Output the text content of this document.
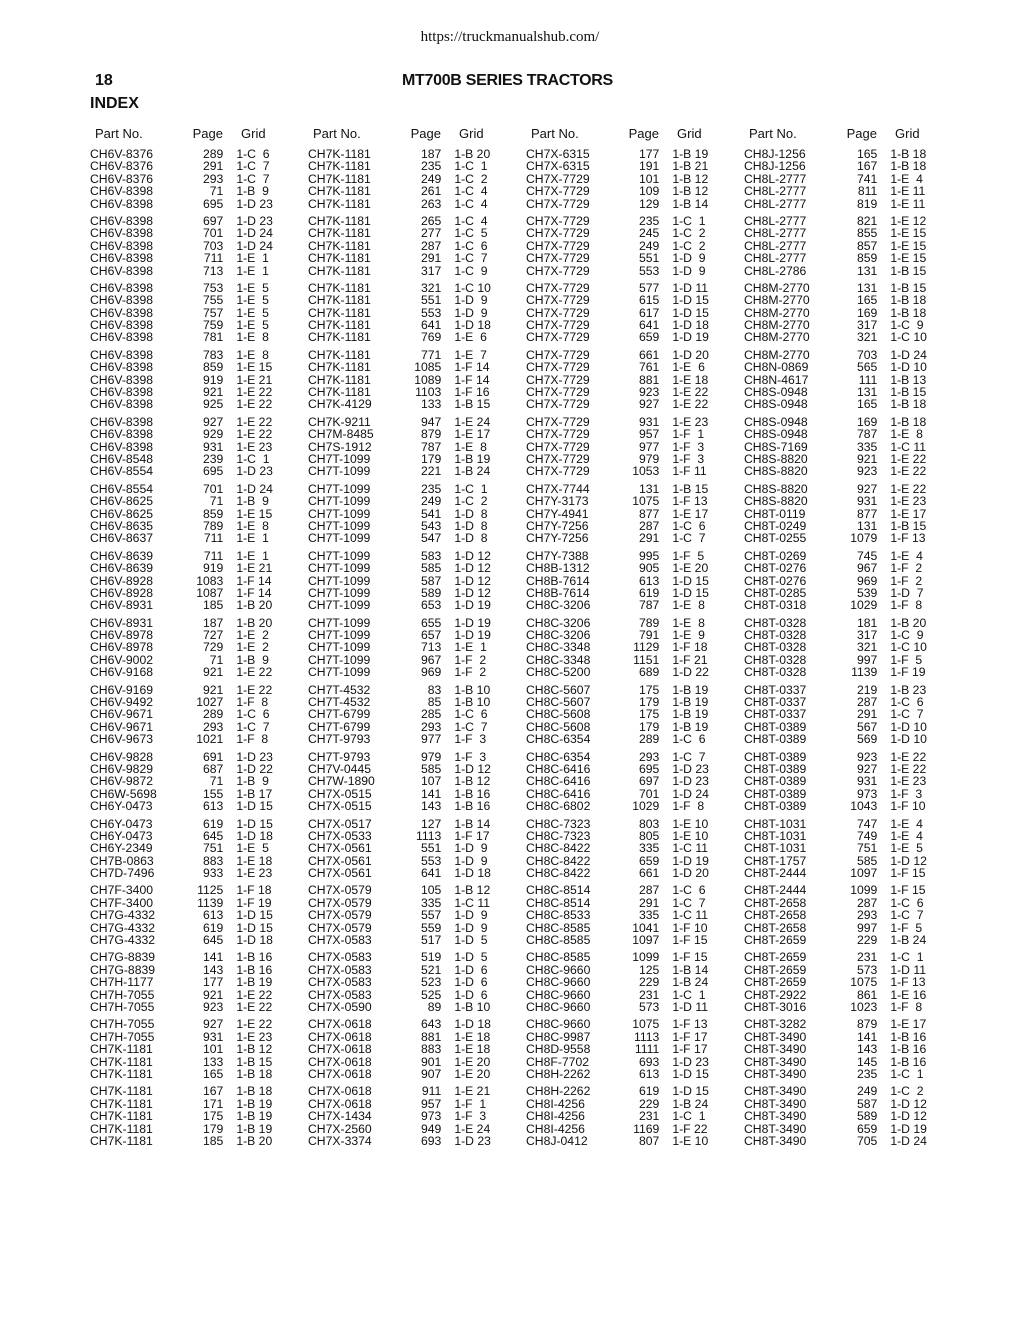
https://truckmanualshub.com/
18	MT700B SERIES TRACTORS
INDEX
Part No.	Page Grid
CH6V-8376	289	1-C  6
CH6V-8376	291	1-C  7
CH6V-8376	293	1-C  7
CH6V-8398	71	1-B  9
CH6V-8398	695	1-D 23
CH6V-8398	697	1-D 23
CH6V-8398	701	1-D 24
CH6V-8398	703	1-D 24
CH6V-8398	711	1-E  1
CH6V-8398	713	1-E  1
CH6V-8398	753	1-E  5
CH6V-8398	755	1-E  5
CH6V-8398	757	1-E  5
CH6V-8398	759	1-E  5
CH6V-8398	781	1-E  8
CH6V-8398	783	1-E  8
CH6V-8398	859	1-E 15
CH6V-8398	919	1-E 21
CH6V-8398	921	1-E 22
CH6V-8398	925	1-E 22
CH6V-8398	927	1-E 22
CH6V-8398	929	1-E 22
CH6V-8398	931	1-E 23
CH6V-8548	239	1-C  1
CH6V-8554	695	1-D 23
CH6V-8554	701	1-D 24
CH6V-8625	71	1-B  9
CH6V-8625	859	1-E 15
CH6V-8635	789	1-E  8
CH6V-8637	711	1-E  1
CH6V-8639	711	1-E  1
CH6V-8639	919	1-E 21
CH6V-8928	1083	1-F 14
CH6V-8928	1087	1-F 14
CH6V-8931	185	1-B 20
CH6V-8931	187	1-B 20
CH6V-8978	727	1-E  2
CH6V-8978	729	1-E  2
CH6V-9002	71	1-B  9
CH6V-9168	921	1-E 22
CH6V-9169	921	1-E 22
CH6V-9492	1027	1-F  8
CH6V-9671	289	1-C  6
CH6V-9671	293	1-C  7
CH6V-9673	1021	1-F  8
CH6V-9828	691	1-D 23
CH6V-9829	687	1-D 22
CH6V-9872	71	1-B  9
CH6W-5698	155	1-B 17
CH6Y-0473	613	1-D 15
CH6Y-0473	619	1-D 15
CH6Y-0473	645	1-D 18
CH6Y-2349	751	1-E  5
CH7B-0863	883	1-E 18
CH7D-7496	933	1-E 23
CH7F-3400	1125	1-F 18
CH7F-3400	1139	1-F 19
CH7G-4332	613	1-D 15
CH7G-4332	619	1-D 15
CH7G-4332	645	1-D 18
CH7G-8839	141	1-B 16
CH7G-8839	143	1-B 16
CH7H-1177	177	1-B 19
CH7H-7055	921	1-E 22
CH7H-7055	923	1-E 22
CH7H-7055	927	1-E 22
CH7H-7055	931	1-E 23
CH7K-1181	101	1-B 12
CH7K-1181	133	1-B 15
CH7K-1181	165	1-B 18
CH7K-1181	167	1-B 18
CH7K-1181	171	1-B 19
CH7K-1181	175	1-B 19
CH7K-1181	179	1-B 19
CH7K-1181	185	1-B 20
Part No.	Page Grid
CH7K-1181	187	1-B 20
CH7K-1181	235	1-C  1
CH7K-1181	249	1-C  2
CH7K-1181	261	1-C  4
CH7K-1181	263	1-C  4
CH7K-1181	265	1-C  4
CH7K-1181	277	1-C  5
CH7K-1181	287	1-C  6
CH7K-1181	291	1-C  7
CH7K-1181	317	1-C  9
CH7K-1181	321	1-C 10
CH7K-1181	551	1-D  9
CH7K-1181	553	1-D  9
CH7K-1181	641	1-D 18
CH7K-1181	769	1-E  6
CH7K-1181	771	1-E  7
CH7K-1181	1085	1-F 14
CH7K-1181	1089	1-F 14
CH7K-1181	1103	1-F 16
CH7K-4129	133	1-B 15
CH7K-9211	947	1-E 24
CH7M-8485	879	1-E 17
CH7S-1912	787	1-E  8
CH7T-1099	179	1-B 19
CH7T-1099	221	1-B 24
CH7T-1099	235	1-C  1
CH7T-1099	249	1-C  2
CH7T-1099	541	1-D  8
CH7T-1099	543	1-D  8
CH7T-1099	547	1-D  8
CH7T-1099	583	1-D 12
CH7T-1099	585	1-D 12
CH7T-1099	587	1-D 12
CH7T-1099	589	1-D 12
CH7T-1099	653	1-D 19
CH7T-1099	655	1-D 19
CH7T-1099	657	1-D 19
CH7T-1099	713	1-E  1
CH7T-1099	967	1-F  2
CH7T-1099	969	1-F  2
CH7T-4532	83	1-B 10
CH7T-4532	85	1-B 10
CH7T-6799	285	1-C  6
CH7T-6799	293	1-C  7
CH7T-9793	977	1-F  3
CH7T-9793	979	1-F  3
CH7V-0445	585	1-D 12
CH7W-1890	107	1-B 12
CH7X-0515	141	1-B 16
CH7X-0515	143	1-B 16
CH7X-0517	127	1-B 14
CH7X-0533	1113	1-F 17
CH7X-0561	551	1-D  9
CH7X-0561	553	1-D  9
CH7X-0561	641	1-D 18
CH7X-0579	105	1-B 12
CH7X-0579	335	1-C 11
CH7X-0579	557	1-D  9
CH7X-0579	559	1-D  9
CH7X-0583	517	1-D  5
CH7X-0583	519	1-D  5
CH7X-0583	521	1-D  6
CH7X-0583	523	1-D  6
CH7X-0583	525	1-D  6
CH7X-0590	89	1-B 10
CH7X-0618	643	1-D 18
CH7X-0618	881	1-E 18
CH7X-0618	883	1-E 18
CH7X-0618	901	1-E 20
CH7X-0618	907	1-E 20
CH7X-0618	911	1-E 21
CH7X-0618	957	1-F  1
CH7X-1434	973	1-F  3
CH7X-2560	949	1-E 24
CH7X-3374	693	1-D 23
Part No.	Page Grid
CH7X-6315	177	1-B 19
CH7X-6315	191	1-B 21
CH7X-7729	101	1-B 12
CH7X-7729	109	1-B 12
CH7X-7729	129	1-B 14
CH7X-7729	235	1-C  1
CH7X-7729	245	1-C  2
CH7X-7729	249	1-C  2
CH7X-7729	551	1-D  9
CH7X-7729	553	1-D  9
CH7X-7729	577	1-D 11
CH7X-7729	615	1-D 15
CH7X-7729	617	1-D 15
CH7X-7729	641	1-D 18
CH7X-7729	659	1-D 19
CH7X-7729	661	1-D 20
CH7X-7729	761	1-E  6
CH7X-7729	881	1-E 18
CH7X-7729	923	1-E 22
CH7X-7729	927	1-E 22
CH7X-7729	931	1-E 23
CH7X-7729	957	1-F  1
CH7X-7729	977	1-F  3
CH7X-7729	979	1-F  3
CH7X-7729	1053	1-F 11
CH7X-7744	131	1-B 15
CH7Y-3173	1075	1-F 13
CH7Y-4941	877	1-E 17
CH7Y-7256	287	1-C  6
CH7Y-7256	291	1-C  7
CH7Y-7388	995	1-F  5
CH8B-1312	905	1-E 20
CH8B-7614	613	1-D 15
CH8B-7614	619	1-D 15
CH8C-3206	787	1-E  8
CH8C-3206	789	1-E  8
CH8C-3206	791	1-E  9
CH8C-3348	1129	1-F 18
CH8C-3348	1151	1-F 21
CH8C-5200	689	1-D 22
CH8C-5607	175	1-B 19
CH8C-5607	179	1-B 19
CH8C-5608	175	1-B 19
CH8C-5608	179	1-B 19
CH8C-6354	289	1-C  6
CH8C-6354	293	1-C  7
CH8C-6416	695	1-D 23
CH8C-6416	697	1-D 23
CH8C-6416	701	1-D 24
CH8C-6802	1029	1-F  8
CH8C-7323	803	1-E 10
CH8C-7323	805	1-E 10
CH8C-8422	335	1-C 11
CH8C-8422	659	1-D 19
CH8C-8422	661	1-D 20
CH8C-8514	287	1-C  6
CH8C-8514	291	1-C  7
CH8C-8533	335	1-C 11
CH8C-8585	1041	1-F 10
CH8C-8585	1097	1-F 15
CH8C-8585	1099	1-F 15
CH8C-9660	125	1-B 14
CH8C-9660	229	1-B 24
CH8C-9660	231	1-C  1
CH8C-9660	573	1-D 11
CH8C-9660	1075	1-F 13
CH8C-9987	1113	1-F 17
CH8D-9558	1111	1-F 17
CH8F-7702	693	1-D 23
CH8H-2262	613	1-D 15
CH8H-2262	619	1-D 15
CH8I-4256	229	1-B 24
CH8I-4256	231	1-C  1
CH8I-4256	1169	1-F 22
CH8J-0412	807	1-E 10
Part No.	Page Grid
CH8J-1256	165	1-B 18
CH8J-1256	167	1-B 18
CH8L-2777	741	1-E  4
CH8L-2777	811	1-E 11
CH8L-2777	819	1-E 11
CH8L-2777	821	1-E 12
CH8L-2777	855	1-E 15
CH8L-2777	857	1-E 15
CH8L-2777	859	1-E 15
CH8L-2786	131	1-B 15
CH8M-2770	131	1-B 15
CH8M-2770	165	1-B 18
CH8M-2770	169	1-B 18
CH8M-2770	317	1-C  9
CH8M-2770	321	1-C 10
CH8M-2770	703	1-D 24
CH8N-0869	565	1-D 10
CH8N-4617	111	1-B 13
CH8S-0948	131	1-B 15
CH8S-0948	165	1-B 18
CH8S-0948	169	1-B 18
CH8S-0948	787	1-E  8
CH8S-7169	335	1-C 11
CH8S-8820	921	1-E 22
CH8S-8820	923	1-E 22
CH8S-8820	927	1-E 22
CH8S-8820	931	1-E 23
CH8T-0119	877	1-E 17
CH8T-0249	131	1-B 15
CH8T-0255	1079	1-F 13
CH8T-0269	745	1-E  4
CH8T-0276	967	1-F  2
CH8T-0276	969	1-F  2
CH8T-0285	539	1-D  7
CH8T-0318	1029	1-F  8
CH8T-0328	181	1-B 20
CH8T-0328	317	1-C  9
CH8T-0328	321	1-C 10
CH8T-0328	997	1-F  5
CH8T-0328	1139	1-F 19
CH8T-0337	219	1-B 23
CH8T-0337	287	1-C  6
CH8T-0337	291	1-C  7
CH8T-0389	567	1-D 10
CH8T-0389	569	1-D 10
CH8T-0389	923	1-E 22
CH8T-0389	927	1-E 22
CH8T-0389	931	1-E 23
CH8T-0389	973	1-F  3
CH8T-0389	1043	1-F 10
CH8T-1031	747	1-E  4
CH8T-1031	749	1-E  4
CH8T-1031	751	1-E  5
CH8T-1757	585	1-D 12
CH8T-2444	1097	1-F 15
CH8T-2444	1099	1-F 15
CH8T-2658	287	1-C  6
CH8T-2658	293	1-C  7
CH8T-2658	997	1-F  5
CH8T-2659	229	1-B 24
CH8T-2659	231	1-C  1
CH8T-2659	573	1-D 11
CH8T-2659	1075	1-F 13
CH8T-2922	861	1-E 16
CH8T-3016	1023	1-F  8
CH8T-3282	879	1-E 17
CH8T-3490	141	1-B 16
CH8T-3490	143	1-B 16
CH8T-3490	145	1-B 16
CH8T-3490	235	1-C  1
CH8T-3490	249	1-C  2
CH8T-3490	587	1-D 12
CH8T-3490	589	1-D 12
CH8T-3490	659	1-D 19
CH8T-3490	705	1-D 24
